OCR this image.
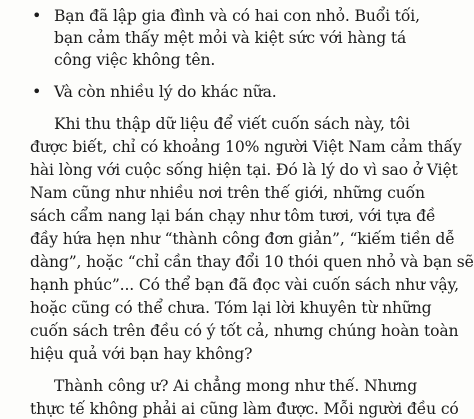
• Bạn đã lập gia đình và có hai con nhỏ. Buổi tối,
bạn cảm thấy mệt mỏi và kiệt sức với hàng tá
công việc không tên.
• Và còn nhiều lý do khác nữa.
Khi thu thập dữ liệu để viết cuốn sách này, tôi
được biết, chỉ có khoảng 10% người Việt Nam cảm thấy
hài lòng với cuộc sống hiện tại. Đó là lý do vì sao ở Việt
Nam cũng như nhiều nơi trên thế giới, những cuốn
sách cẩm nang lại bán chạy như tôm tươi, với tựa đề
đầy hứa hẹn như “thành công đơn giản”, “kiếm tiền dễ
dàng”, hoặc “chỉ cần thay đổi 10 thói quen nhỏ và bạn sẽ
hạnh phúc”... Có thể bạn đã đọc vài cuốn sách như vậy,
hoặc cũng có thể chưa. Tóm lại lời khuyên từ những
cuốn sách trên đều có ý tốt cả, nhưng chúng hoàn toàn
hiệu quả với bạn hay không?
Thành công ư? Ai chẳng mong như thế. Nhưng
thực tế không phải ai cũng làm được. Mỗi người đều có
